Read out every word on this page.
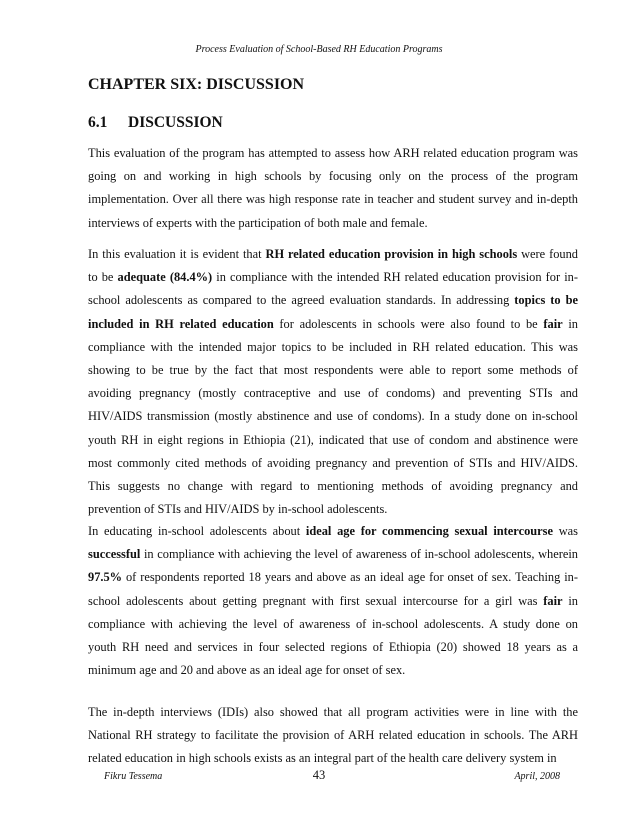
Process Evaluation of School-Based RH Education Programs
CHAPTER SIX: DISCUSSION
6.1 DISCUSSION
This evaluation of the program has attempted to assess how ARH related education program was
going on and working in high schools by focusing only on the process of the program
implementation. Over all there was high response rate in teacher and student survey and in-depth
interviews of experts with the participation of both male and female.
In this evaluation it is evident that RH related education provision in high schools were found
to be adequate (84.4%) in compliance with the intended RH related education provision for in-
school adolescents as compared to the agreed evaluation standards. In addressing topics to be
included in RH related education for adolescents in schools were also found to be fair in
compliance with the intended major topics to be included in RH related education. This was
showing to be true by the fact that most respondents were able to report some methods of
avoiding pregnancy (mostly contraceptive and use of condoms) and preventing STIs and
HIV/AIDS transmission (mostly abstinence and use of condoms). In a study done on in-school
youth RH in eight regions in Ethiopia (21), indicated that use of condom and abstinence were
most commonly cited methods of avoiding pregnancy and prevention of STIs and HIV/AIDS.
This suggests no change with regard to mentioning methods of avoiding pregnancy and
prevention of STIs and HIV/AIDS by in-school adolescents.
In educating in-school adolescents about ideal age for commencing sexual intercourse was
successful in compliance with achieving the level of awareness of in-school adolescents, wherein
97.5% of respondents reported 18 years and above as an ideal age for onset of sex. Teaching in-
school adolescents about getting pregnant with first sexual intercourse for a girl was fair in
compliance with achieving the level of awareness of in-school adolescents. A study done on
youth RH need and services in four selected regions of Ethiopia (20) showed 18 years as a
minimum age and 20 and above as an ideal age for onset of sex.
The in-depth interviews (IDIs) also showed that all program activities were in line with the
National RH strategy to facilitate the provision of ARH related education in schools. The ARH
related education in high schools exists as an integral part of the health care delivery system in
Fikru Tessema	43	April, 2008
